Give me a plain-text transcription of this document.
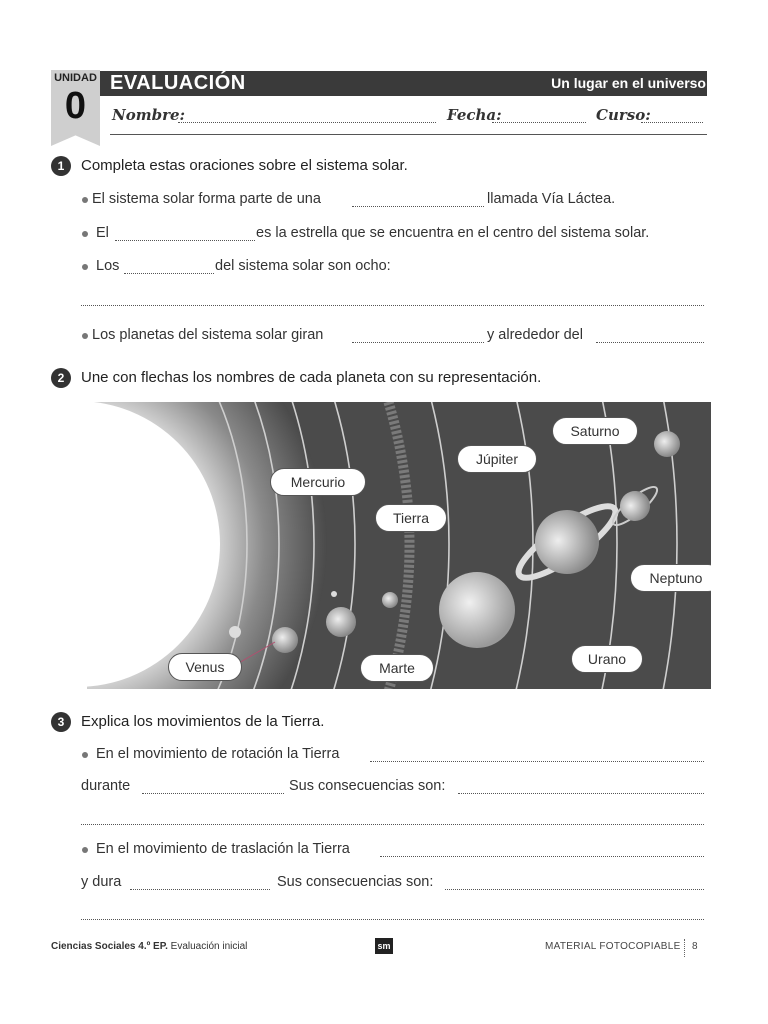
UNIDAD
0
EVALUACIÓN	Un lugar en el universo
Nombre:	Fecha:	Curso:
1	Completa estas oraciones sobre el sistema solar.
El sistema solar forma parte de una	llamada Vía Láctea.
El	es la estrella que se encuentra en el centro del sistema solar.
Los	del sistema solar son ocho:
Los planetas del sistema solar giran	y alrededor del
2	Une con flechas los nombres de cada planeta con su representación.
Saturno
Júpiter
Mercurio
Tierra
Neptuno
Venus	Marte
Urano
3	Explica los movimientos de la Tierra.
En el movimiento de rotación la Tierra
durante	Sus consecuencias son:
En el movimiento de traslación la Tierra
y dura	Sus consecuencias son:
Ciencias Sociales 4.º EP. Evaluación inicial	sm	MATERIAL FOTOCOPIABLE 8
